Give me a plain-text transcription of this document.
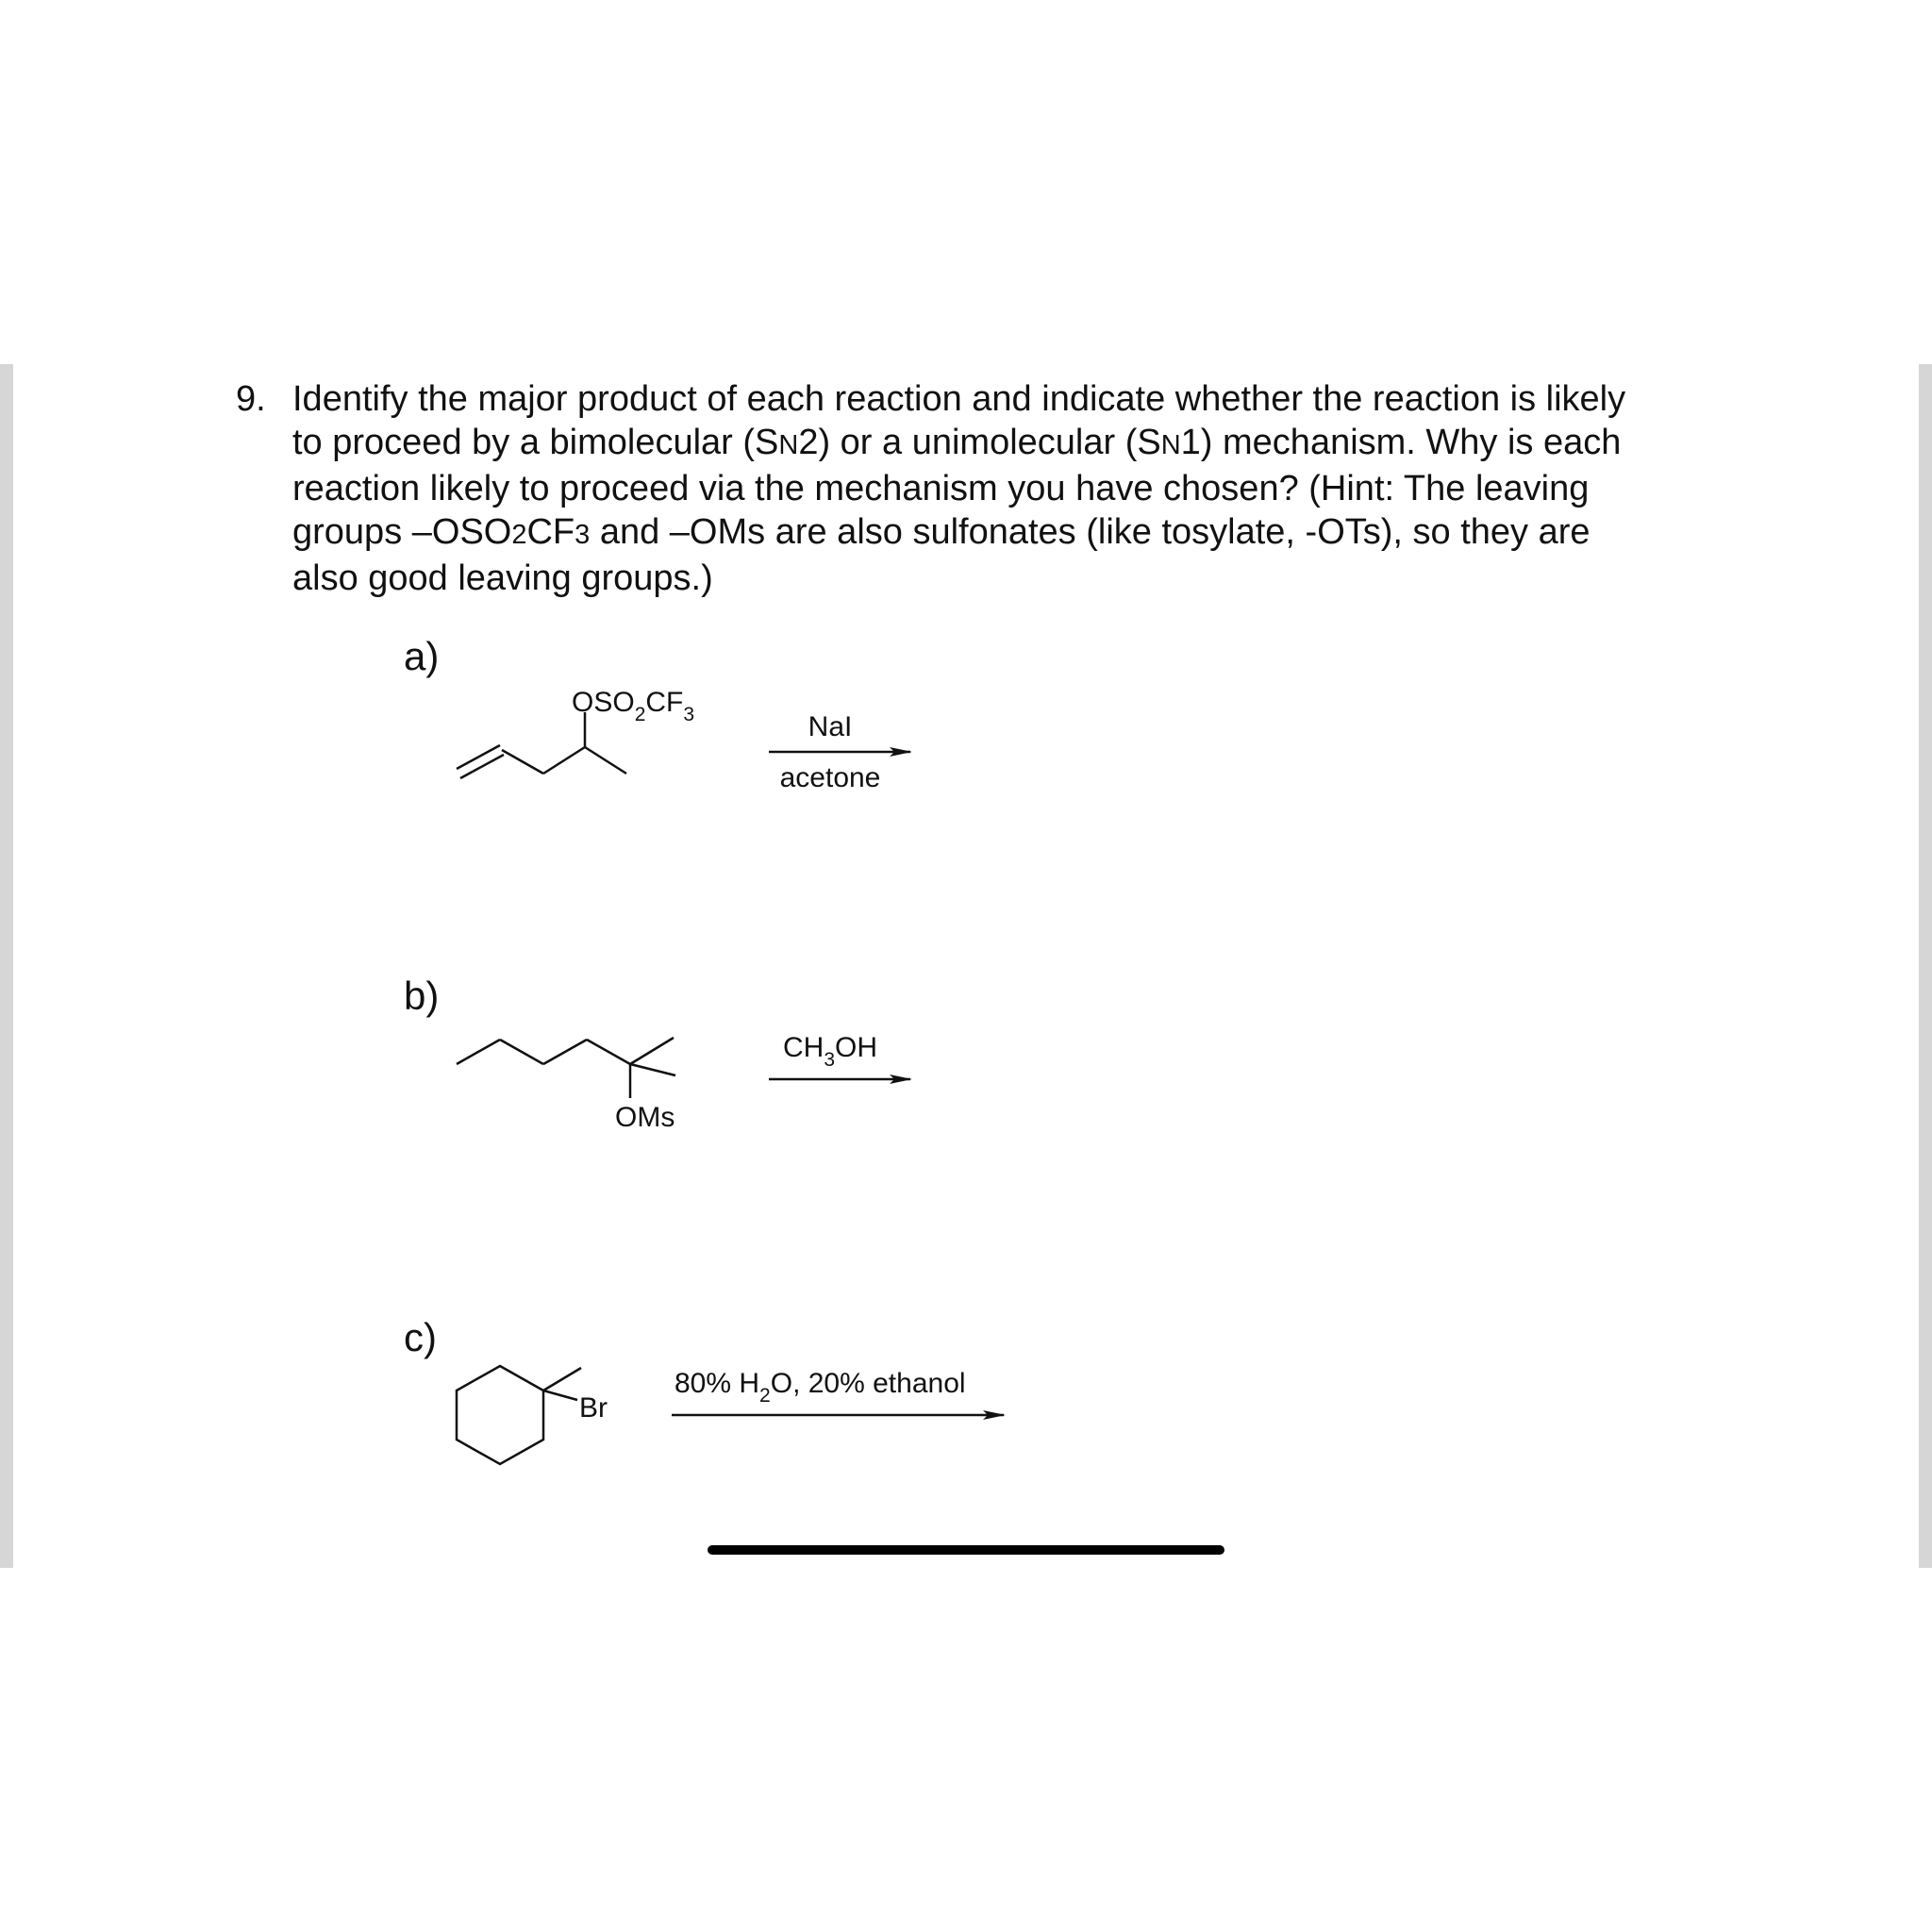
9. Identify the major product of each reaction and indicate whether the reaction is likely
to proceed by a bimolecular (SN2) or a unimolecular (SN1) mechanism. Why is each
reaction likely to proceed via the mechanism you have chosen? (Hint: The leaving
groups –OSO2CF3 and –OMs are also sulfonates (like tosylate, -OTs), so they are
also good leaving groups.)
a)
b)
c)
$OSO_2CF_3$	NaI
acetone
OMs
$CH_3OH$
Br
80% $H_2O$, 20% ethanol
